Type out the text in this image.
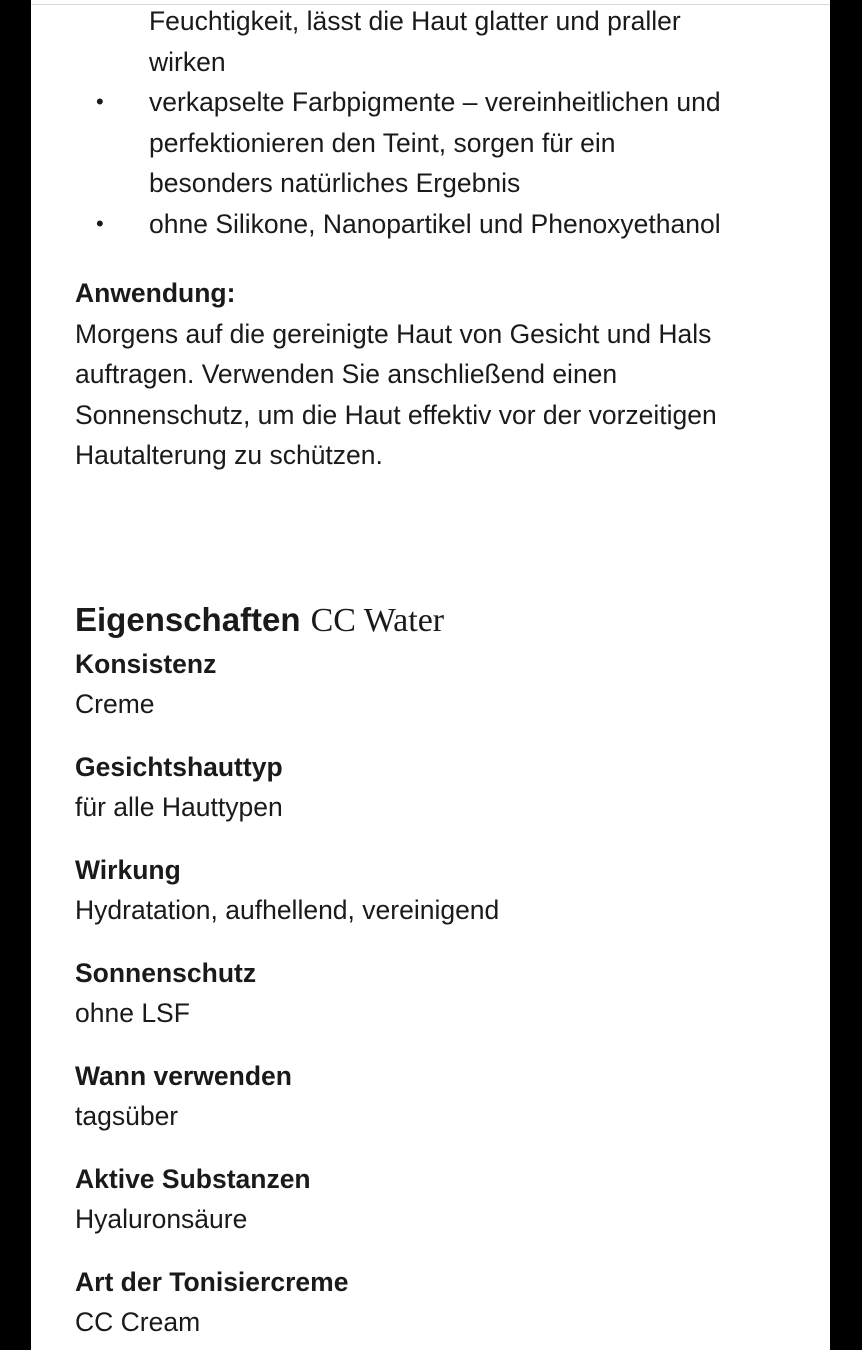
Feuchtigkeit, lässt die Haut glatter und praller
wirken
• verkapselte Farbpigmente – vereinheitlichen und
perfektionieren den Teint, sorgen für ein
besonders natürliches Ergebnis
• ohne Silikone, Nanopartikel und Phenoxyethanol
Anwendung:
Morgens auf die gereinigte Haut von Gesicht und Hals
auftragen. Verwenden Sie anschließend einen
Sonnenschutz, um die Haut effektiv vor der vorzeitigen
Hautalterung zu schützen.
Eigenschaften CC Water
Konsistenz
Creme
Gesichtshauttyp
für alle Hauttypen
Wirkung
Hydratation, aufhellend, vereinigend
Sonnenschutz
ohne LSF
Wann verwenden
tagsüber
Aktive Substanzen
Hyaluronsäure
Art der Tonisiercreme
CC Cream
